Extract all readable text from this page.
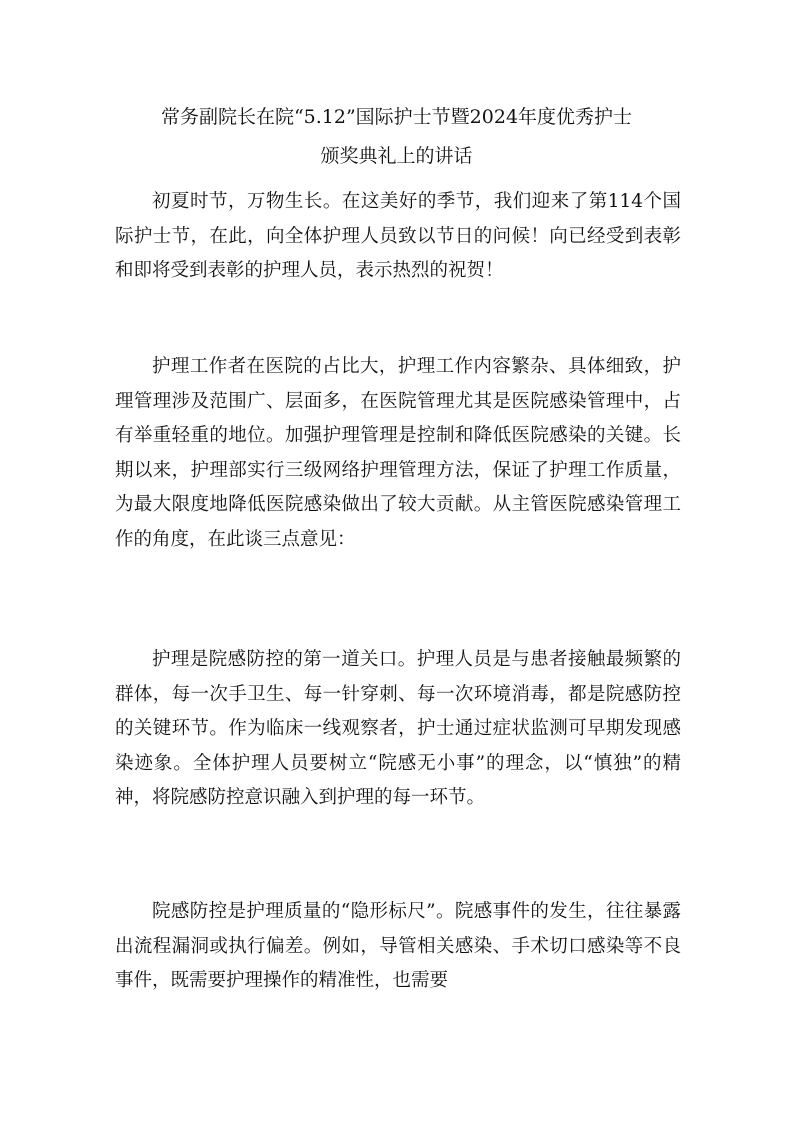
常务副院长在院“5.12”国际护士节暨2024年度优秀护士
颁奖典礼上的讲话

初夏时节，万物生长。在这美好的季节，我们迎来了第114个国际护士节，在此，向全体护理人员致以节日的问候！向已经受到表彰和即将受到表彰的护理人员，表示热烈的祝贺！

护理工作者在医院的占比大，护理工作内容繁杂、具体细致，护理管理涉及范围广、层面多，在医院管理尤其是医院感染管理中，占有举重轻重的地位。加强护理管理是控制和降低医院感染的关键。长期以来，护理部实行三级网络护理管理方法，保证了护理工作质量，为最大限度地降低医院感染做出了较大贡献。从主管医院感染管理工作的角度，在此谈三点意见：

护理是院感防控的第一道关口。护理人员是与患者接触最频繁的群体，每一次手卫生、每一针穿刺、每一次环境消毒，都是院感防控的关键环节。作为临床一线观察者，护士通过症状监测可早期发现感染迹象。全体护理人员要树立“院感无小事”的理念，以“慎独”的精神，将院感防控意识融入到护理的每一环节。

院感防控是护理质量的“隐形标尺”。院感事件的发生，往往暴露出流程漏洞或执行偏差。例如，导管相关感染、手术切口感染等不良事件，既需要护理操作的精准性，也需要
